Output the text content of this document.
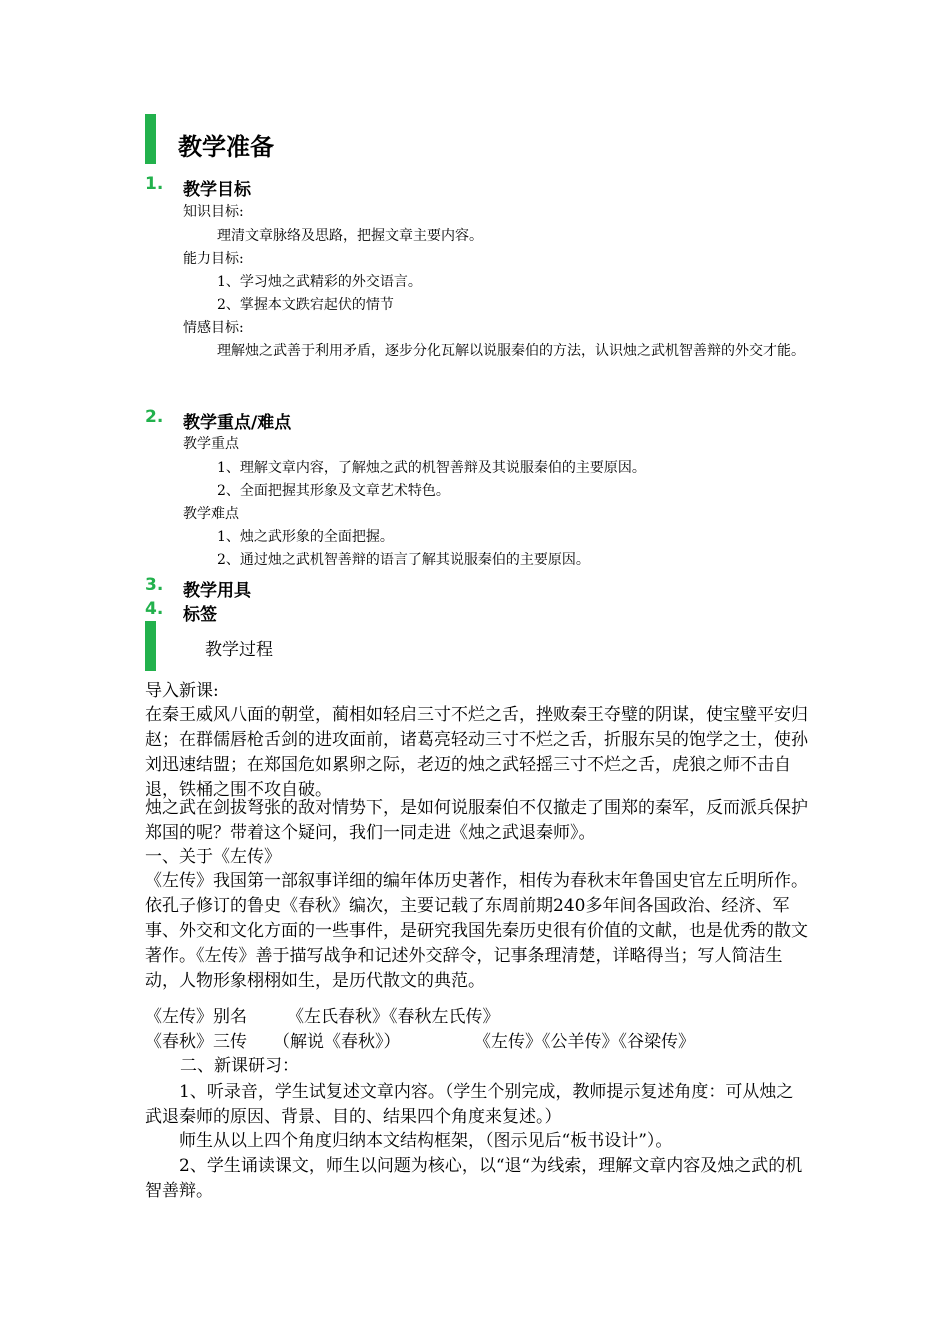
教学准备
1. 教学目标
知识目标:
理清文章脉络及思路，把握文章主要内容。
能力目标:
1、学习烛之武精彩的外交语言。
2、掌握本文跌宕起伏的情节
情感目标:
理解烛之武善于利用矛盾，逐步分化瓦解以说服秦伯的方法，认识烛之武机智善辩的外交才能。
2. 教学重点/难点
教学重点
1、理解文章内容，了解烛之武的机智善辩及其说服秦伯的主要原因。
2、全面把握其形象及文章艺术特色。
教学难点
1、烛之武形象的全面把握。
2、通过烛之武机智善辩的语言了解其说服秦伯的主要原因。
3. 教学用具
4. 标签
教学过程
导入新课:
在秦王威风八面的朝堂，蔺相如轻启三寸不烂之舌，挫败秦王夺璧的阴谋，使宝璧平安归赵；在群儒唇枪舌剑的进攻面前，诸葛亮轻动三寸不烂之舌，折服东吴的饱学之士，使孙刘迅速结盟；在郑国危如累卵之际，老迈的烛之武轻摇三寸不烂之舌，虎狼之师不击自退，铁桶之围不攻自破。
烛之武在剑拔弩张的敌对情势下，是如何说服秦伯不仅撤走了围郑的秦军，反而派兵保护郑国的呢？带着这个疑问，我们一同走进《烛之武退秦师》。
一、关于《左传》
《左传》我国第一部叙事详细的编年体历史著作，相传为春秋末年鲁国史官左丘明所作。依孔子修订的鲁史《春秋》编次，主要记载了东周前期240多年间各国政治、经济、军事、外交和文化方面的一些事件，是研究我国先秦历史很有价值的文献，也是优秀的散文著作。《左传》善于描写战争和记述外交辞令，记事条理清楚，详略得当；写人简洁生动，人物形象栩栩如生，是历代散文的典范。
《左传》别名 《左氏春秋》《春秋左氏传》
《春秋》三传 （解说《春秋》）	《左传》《公羊传》《谷梁传》
二、新课研习：
1、听录音，学生试复述文章内容。（学生个别完成，教师提示复述角度：可从烛之武退秦师的原因、背景、目的、结果四个角度来复述。）
师生从以上四个角度归纳本文结构框架，（图示见后“板书设计”）。
2、学生诵读课文，师生以问题为核心，以“退“为线索，理解文章内容及烛之武的机智善辩。
